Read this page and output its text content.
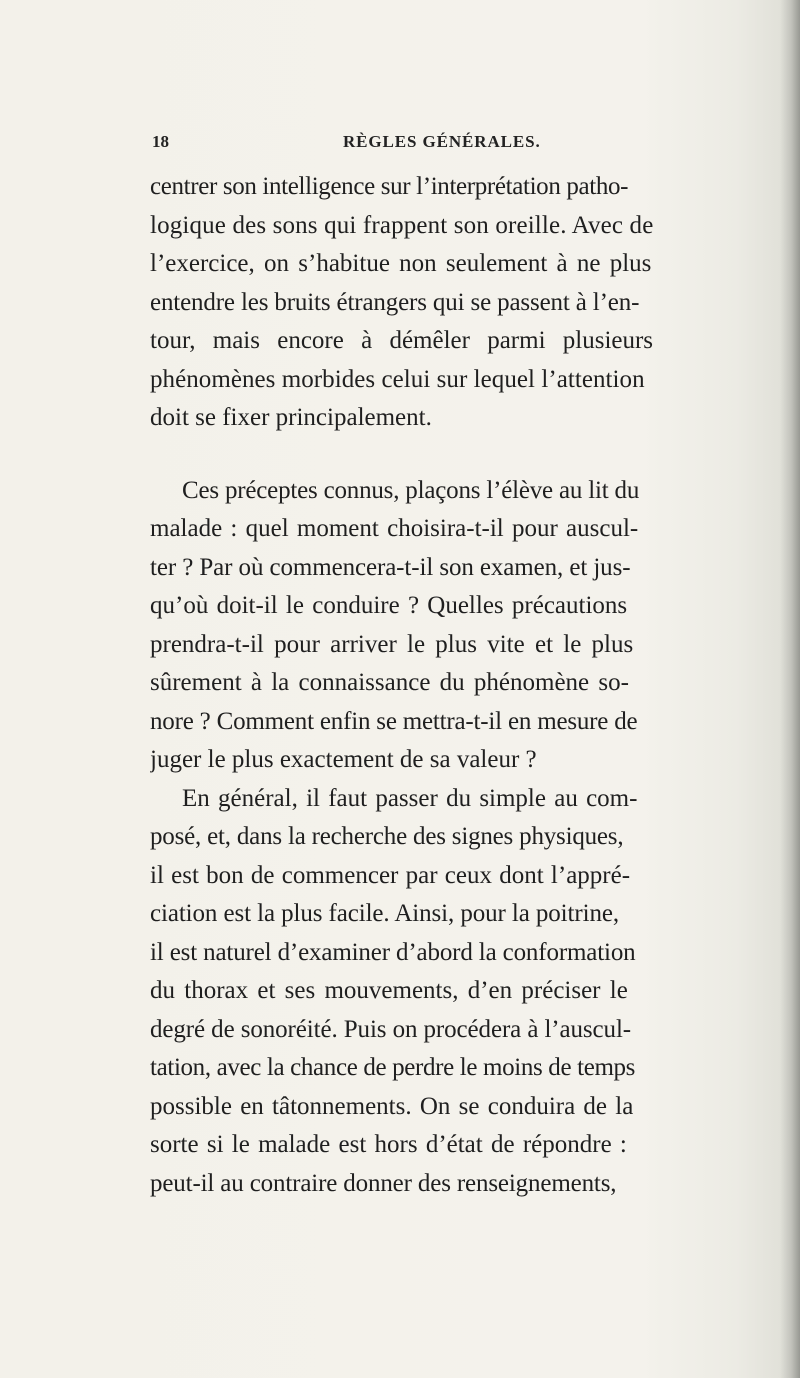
18	RÈGLES GÉNÉRALES.
centrer son intelligence sur l’interprétation patho-
logique des sons qui frappent son oreille. Avec de
l’exercice, on s’habitue non seulement à ne plus
entendre les bruits étrangers qui se passent à l’en-
tour, mais encore à démêler parmi plusieurs
phénomènes morbides celui sur lequel l’attention
doit se fixer principalement.
Ces préceptes connus, plaçons l’élève au lit du
malade : quel moment choisira-t-il pour auscul-
ter ? Par où commencera-t-il son examen, et jus-
qu’où doit-il le conduire ? Quelles précautions
prendra-t-il pour arriver le plus vite et le plus
sûrement à la connaissance du phénomène so-
nore ? Comment enfin se mettra-t-il en mesure de
juger le plus exactement de sa valeur ?
En général, il faut passer du simple au com-
posé, et, dans la recherche des signes physiques,
il est bon de commencer par ceux dont l’appré-
ciation est la plus facile. Ainsi, pour la poitrine,
il est naturel d’examiner d’abord la conformation
du thorax et ses mouvements, d’en préciser le
degré de sonoréité. Puis on procédera à l’auscul-
tation, avec la chance de perdre le moins de temps
possible en tâtonnements. On se conduira de la
sorte si le malade est hors d’état de répondre :
peut-il au contraire donner des renseignements,
